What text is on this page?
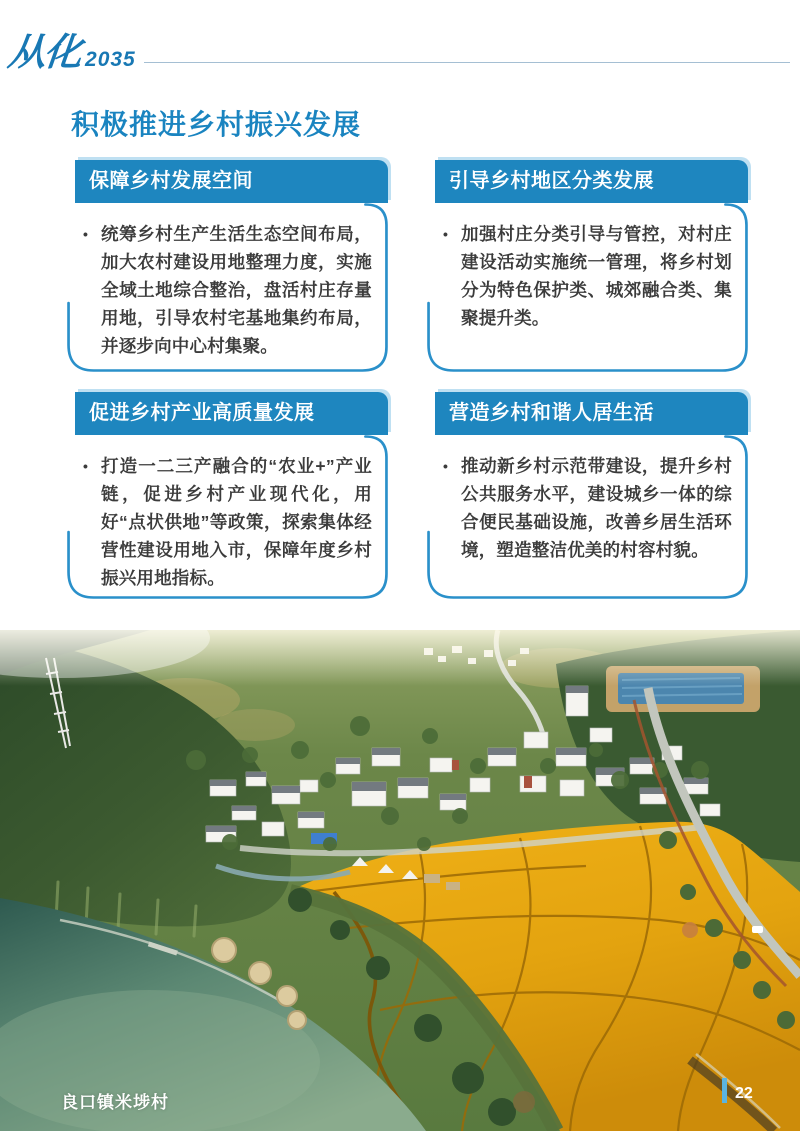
从化 2035
积极推进乡村振兴发展
保障乡村发展空间
• 统筹乡村生产生活生态空间布局，加大农村建设用地整理力度，实施全域土地综合整治，盘活村庄存量用地，引导农村宅基地集约布局，并逐步向中心村集聚。

引导乡村地区分类发展
• 加强村庄分类引导与管控，对村庄建设活动实施统一管理，将乡村划分为特色保护类、城郊融合类、集聚提升类。

促进乡村产业高质量发展
• 打造一二三产融合的“农业+”产业链，促进乡村产业现代化，用好“点状供地”等政策，探索集体经营性建设用地入市，保障年度乡村振兴用地指标。

营造乡村和谐人居生活
• 推动新乡村示范带建设，提升乡村公共服务水平，建设城乡一体的综合便民基础设施，改善乡居生活环境，塑造整洁优美的村容村貌。

良口镇米埗村	22
